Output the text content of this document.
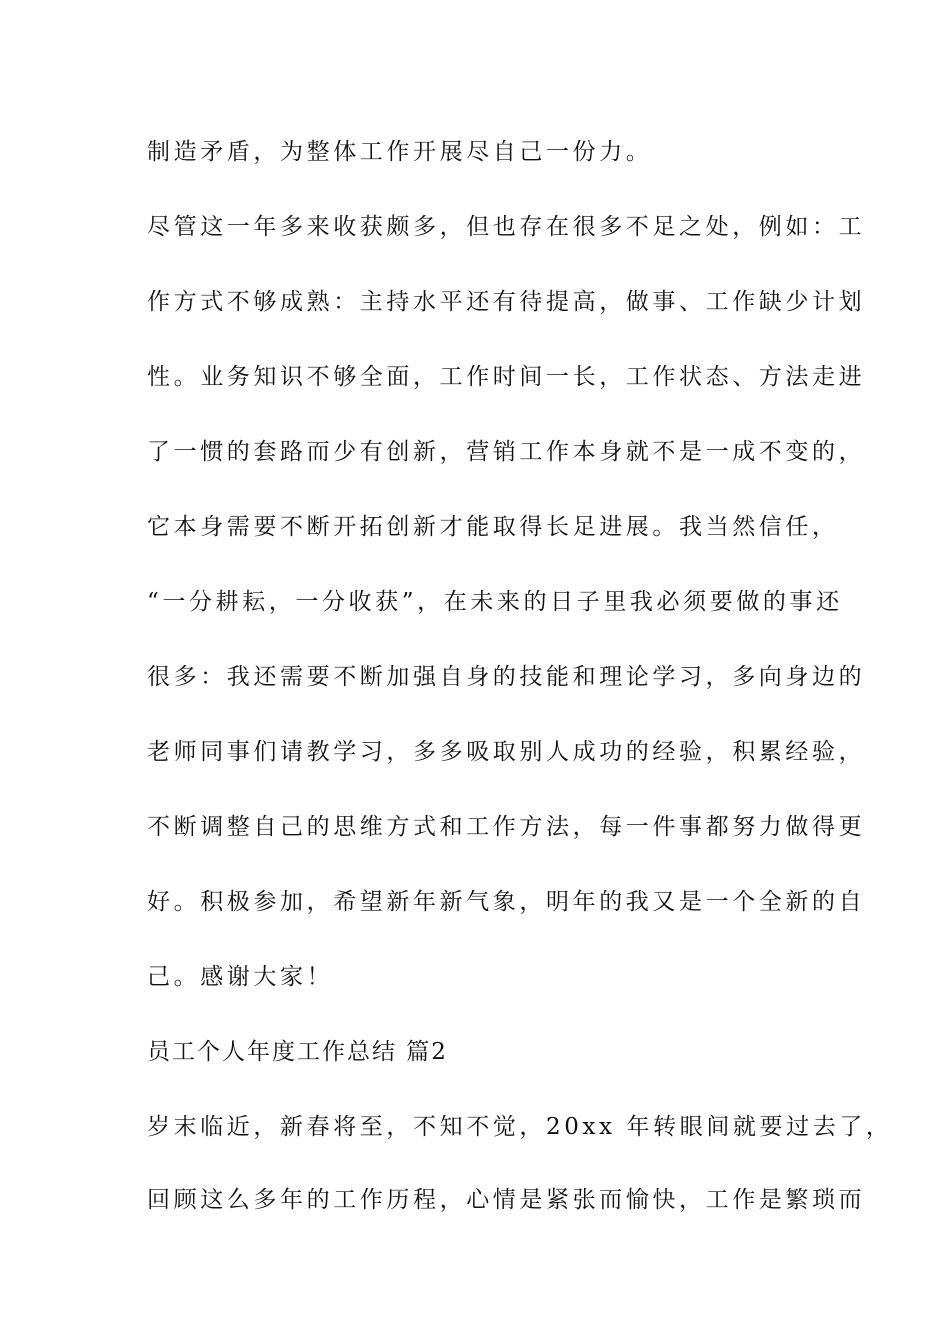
制造矛盾，为整体工作开展尽自己一份力。
尽管这一年多来收获颇多，但也存在很多不足之处，例如：工
作方式不够成熟：主持水平还有待提高，做事、工作缺少计划
性。业务知识不够全面，工作时间一长，工作状态、方法走进
了一惯的套路而少有创新，营销工作本身就不是一成不变的，
它本身需要不断开拓创新才能取得长足进展。我当然信任，
“一分耕耘，一分收获”，在未来的日子里我必须要做的事还
很多：我还需要不断加强自身的技能和理论学习，多向身边的
老师同事们请教学习，多多吸取别人成功的经验，积累经验，
不断调整自己的思维方式和工作方法，每一件事都努力做得更
好。积极参加，希望新年新气象，明年的我又是一个全新的自
己。感谢大家！
员工个人年度工作总结 篇2
岁末临近，新春将至，不知不觉，20xx 年转眼间就要过去了，
回顾这么多年的工作历程，心情是紧张而愉快，工作是繁琐而
